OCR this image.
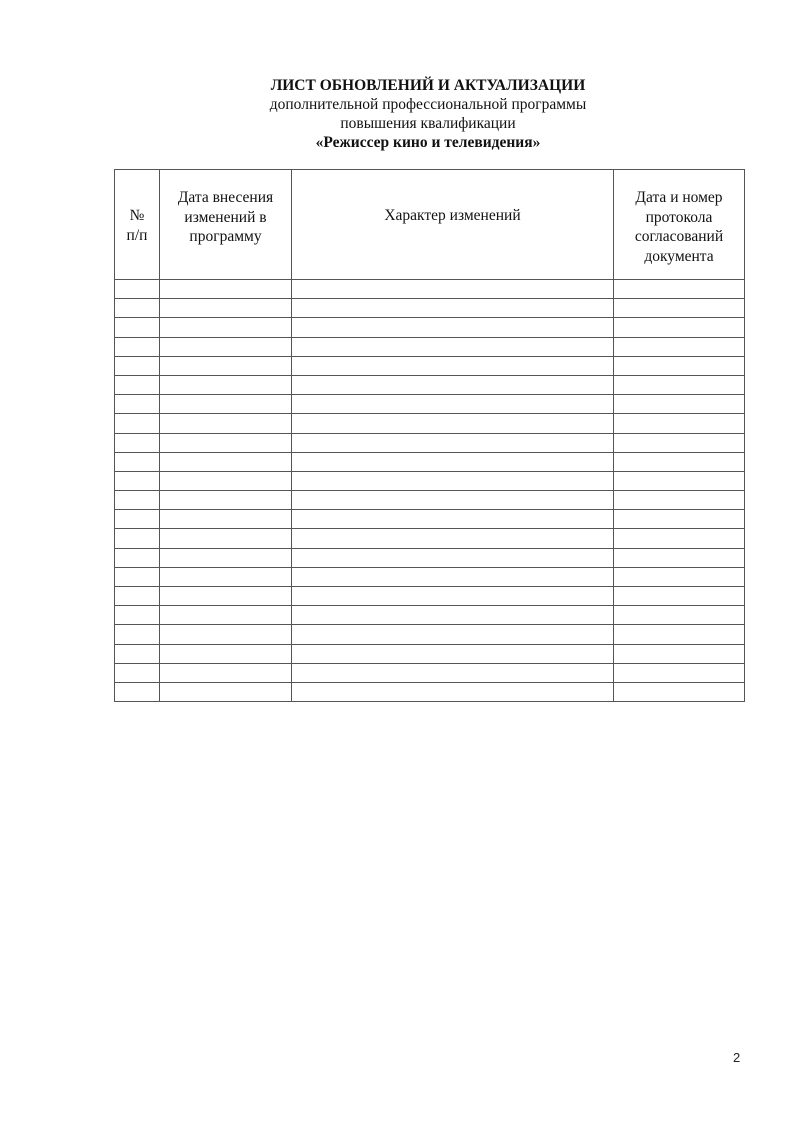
ЛИСТ ОБНОВЛЕНИЙ И АКТУАЛИЗАЦИИ
дополнительной профессиональной программы
повышения квалификации
«Режиссер кино и телевидения»
№ п/п	Дата внесения изменений в программу	Характер изменений	Дата и номер протокола согласований документа

2
